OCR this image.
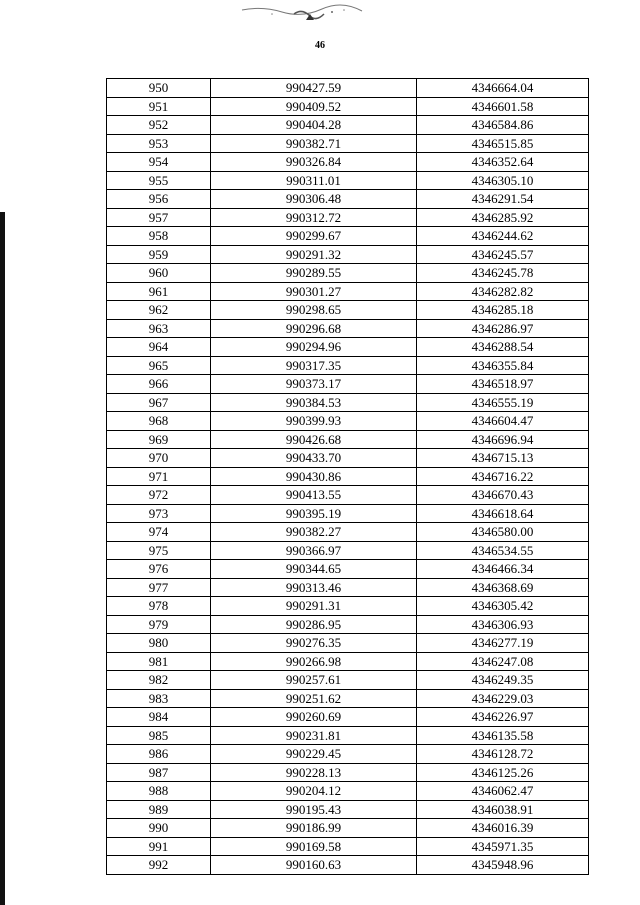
46
950	990427.59	4346664.04
951	990409.52	4346601.58
952	990404.28	4346584.86
953	990382.71	4346515.85
954	990326.84	4346352.64
955	990311.01	4346305.10
956	990306.48	4346291.54
957	990312.72	4346285.92
958	990299.67	4346244.62
959	990291.32	4346245.57
960	990289.55	4346245.78
961	990301.27	4346282.82
962	990298.65	4346285.18
963	990296.68	4346286.97
964	990294.96	4346288.54
965	990317.35	4346355.84
966	990373.17	4346518.97
967	990384.53	4346555.19
968	990399.93	4346604.47
969	990426.68	4346696.94
970	990433.70	4346715.13
971	990430.86	4346716.22
972	990413.55	4346670.43
973	990395.19	4346618.64
974	990382.27	4346580.00
975	990366.97	4346534.55
976	990344.65	4346466.34
977	990313.46	4346368.69
978	990291.31	4346305.42
979	990286.95	4346306.93
980	990276.35	4346277.19
981	990266.98	4346247.08
982	990257.61	4346249.35
983	990251.62	4346229.03
984	990260.69	4346226.97
985	990231.81	4346135.58
986	990229.45	4346128.72
987	990228.13	4346125.26
988	990204.12	4346062.47
989	990195.43	4346038.91
990	990186.99	4346016.39
991	990169.58	4345971.35
992	990160.63	4345948.96
